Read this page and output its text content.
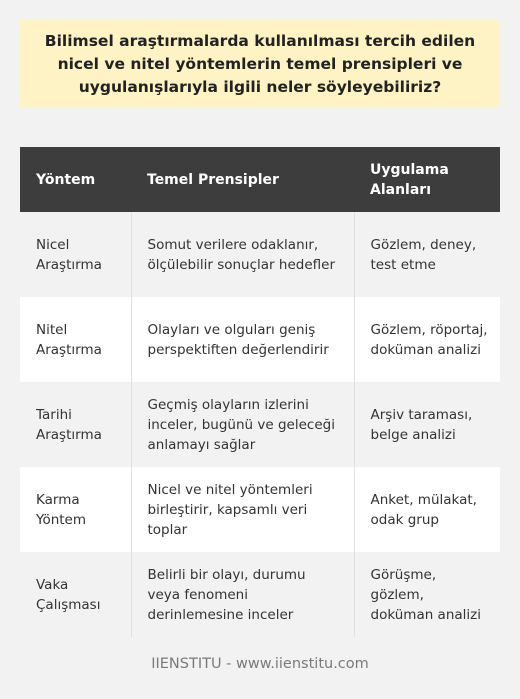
Bilimsel araştırmalarda kullanılması tercih edilen nicel ve nitel yöntemlerin temel prensipleri ve uygulanışlarıyla ilgili neler söyleyebiliriz?
Yöntem	Temel Prensipler	Uygulama Alanları
Nicel Araştırma	Somut verilere odaklanır, ölçülebilir sonuçlar hedefler	Gözlem, deney, test etme
Nitel Araştırma	Olayları ve olguları geniş perspektiften değerlendirir	Gözlem, röportaj, doküman analizi
Tarihi Araştırma	Geçmiş olayların izlerini inceler, bugünü ve geleceği anlamayı sağlar	Arşiv taraması, belge analizi
Karma Yöntem	Nicel ve nitel yöntemleri birleştirir, kapsamlı veri toplar	Anket, mülakat, odak grup
Vaka Çalışması	Belirli bir olayı, durumu veya fenomeni derinlemesine inceler	Görüşme, gözlem, doküman analizi
IIENSTITU - www.iienstitu.com
